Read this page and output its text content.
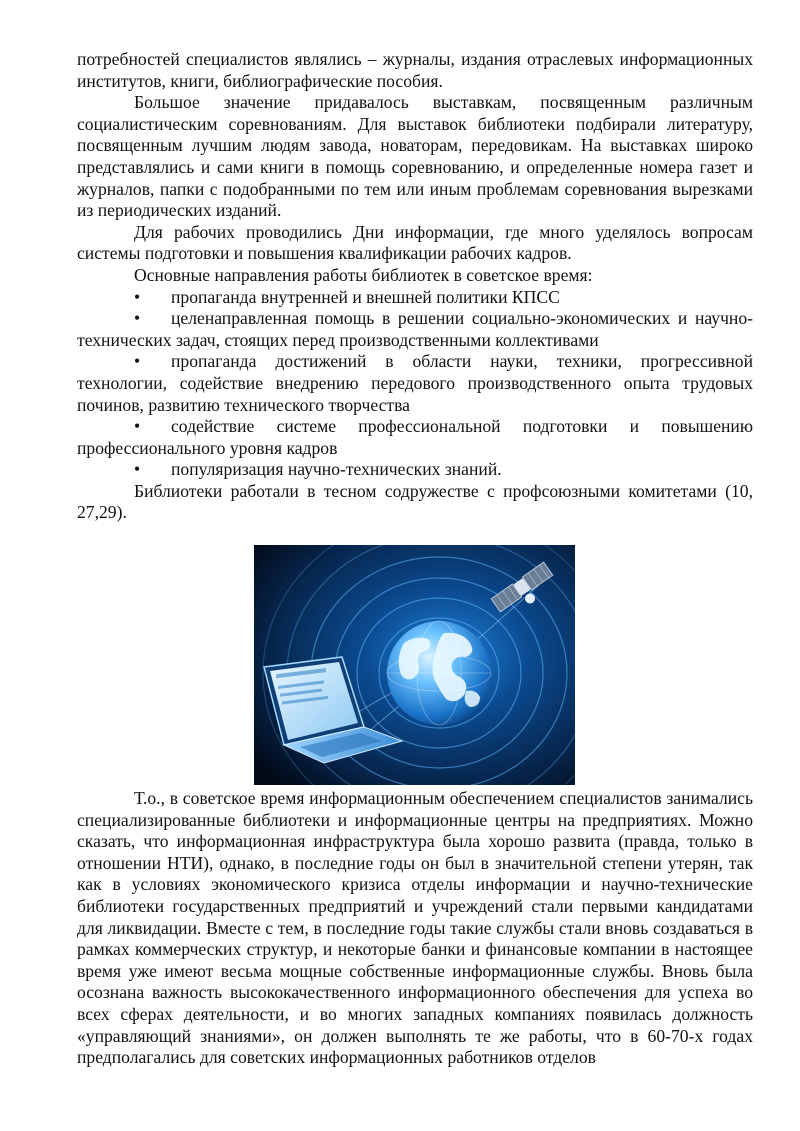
потребностей специалистов являлись – журналы, издания отраслевых информационных институтов, книги, библиографические пособия.

Большое значение придавалось выставкам, посвященным различным социалистическим соревнованиям. Для выставок библиотеки подбирали литературу, посвященным лучшим людям завода, новаторам, передовикам. На выставках широко представлялись и сами книги в помощь соревнованию, и определенные номера газет и журналов, папки с подобранными по тем или иным проблемам соревнования вырезками из периодических изданий.

Для рабочих проводились Дни информации, где много уделялось вопросам системы подготовки и повышения квалификации рабочих кадров.

Основные направления работы библиотек в советское время:

• пропаганда внутренней и внешней политики КПСС

• целенаправленная помощь в решении социально-экономических и научно-технических задач, стоящих перед производственными коллективами

• пропаганда достижений в области науки, техники, прогрессивной технологии, содействие внедрению передового производственного опыта трудовых починов, развитию технического творчества

• содействие системе профессиональной подготовки и повышению профессионального уровня кадров

• популяризация научно-технических знаний.

Библиотеки работали в тесном содружестве с профсоюзными комитетами (10, 27,29).

Т.о., в советское время информационным обеспечением специалистов занимались специализированные библиотеки и информационные центры на предприятиях. Можно сказать, что информационная инфраструктура была хорошо развита (правда, только в отношении НТИ), однако, в последние годы он был в значительной степени утерян, так как в условиях экономического кризиса отделы информации и научно-технические библиотеки государственных предприятий и учреждений стали первыми кандидатами для ликвидации. Вместе с тем, в последние годы такие службы стали вновь создаваться в рамках коммерческих структур, и некоторые банки и финансовые компании в настоящее время уже имеют весьма мощные собственные информационные службы. Вновь была осознана важность высококачественного информационного обеспечения для успеха во всех сферах деятельности, и во многих западных компаниях появилась должность «управляющий знаниями», он должен выполнять те же работы, что в 60-70-х годах предполагались для советских информационных работников отделов
